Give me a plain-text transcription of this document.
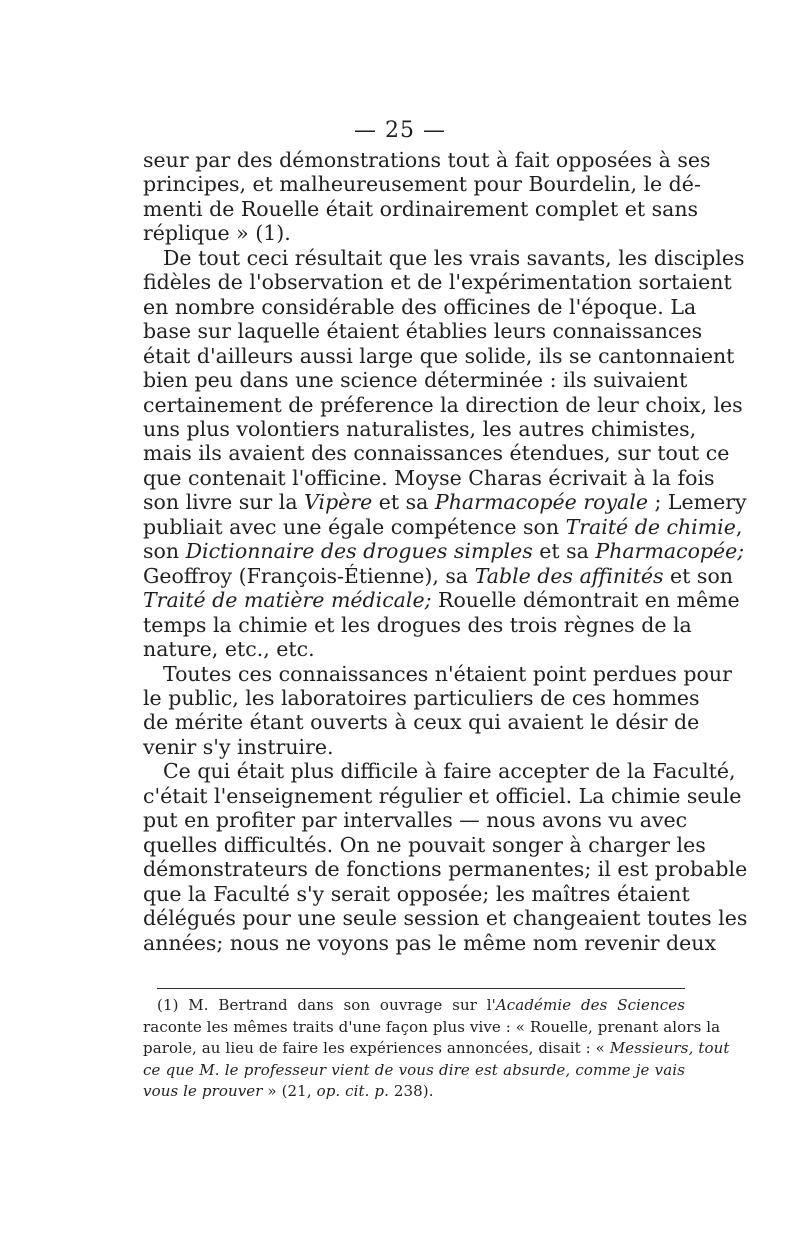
— 25 —
seur par des démonstrations tout à fait opposées à ses
principes, et malheureusement pour Bourdelin, le dé-
menti de Rouelle était ordinairement complet et sans
réplique » (1).
De tout ceci résultait que les vrais savants, les disciples
fidèles de l'observation et de l'expérimentation sortaient
en nombre considérable des officines de l'époque. La
base sur laquelle étaient établies leurs connaissances
était d'ailleurs aussi large que solide, ils se cantonnaient
bien peu dans une science déterminée : ils suivaient
certainement de préference la direction de leur choix, les
uns plus volontiers naturalistes, les autres chimistes,
mais ils avaient des connaissances étendues, sur tout ce
que contenait l'officine. Moyse Charas écrivait à la fois
son livre sur la Vipère et sa Pharmacopée royale ; Lemery
publiait avec une égale compétence son Traité de chimie,
son Dictionnaire des drogues simples et sa Pharmacopée;
Geoffroy (François-Étienne), sa Table des affinités et son
Traité de matière médicale; Rouelle démontrait en même
temps la chimie et les drogues des trois règnes de la
nature, etc., etc.
Toutes ces connaissances n'étaient point perdues pour
le public, les laboratoires particuliers de ces hommes
de mérite étant ouverts à ceux qui avaient le désir de
venir s'y instruire.
Ce qui était plus difficile à faire accepter de la Faculté,
c'était l'enseignement régulier et officiel. La chimie seule
put en profiter par intervalles — nous avons vu avec
quelles difficultés. On ne pouvait songer à charger les
démonstrateurs de fonctions permanentes; il est probable
que la Faculté s'y serait opposée; les maîtres étaient
délégués pour une seule session et changeaient toutes les
années; nous ne voyons pas le même nom revenir deux
(1) M. Bertrand dans son ouvrage sur l'Académie des Sciences
raconte les mêmes traits d'une façon plus vive : « Rouelle, prenant alors la
parole, au lieu de faire les expériences annoncées, disait : « Messieurs, tout
ce que M. le professeur vient de vous dire est absurde, comme je vais
vous le prouver » (21, op. cit. p. 238).
